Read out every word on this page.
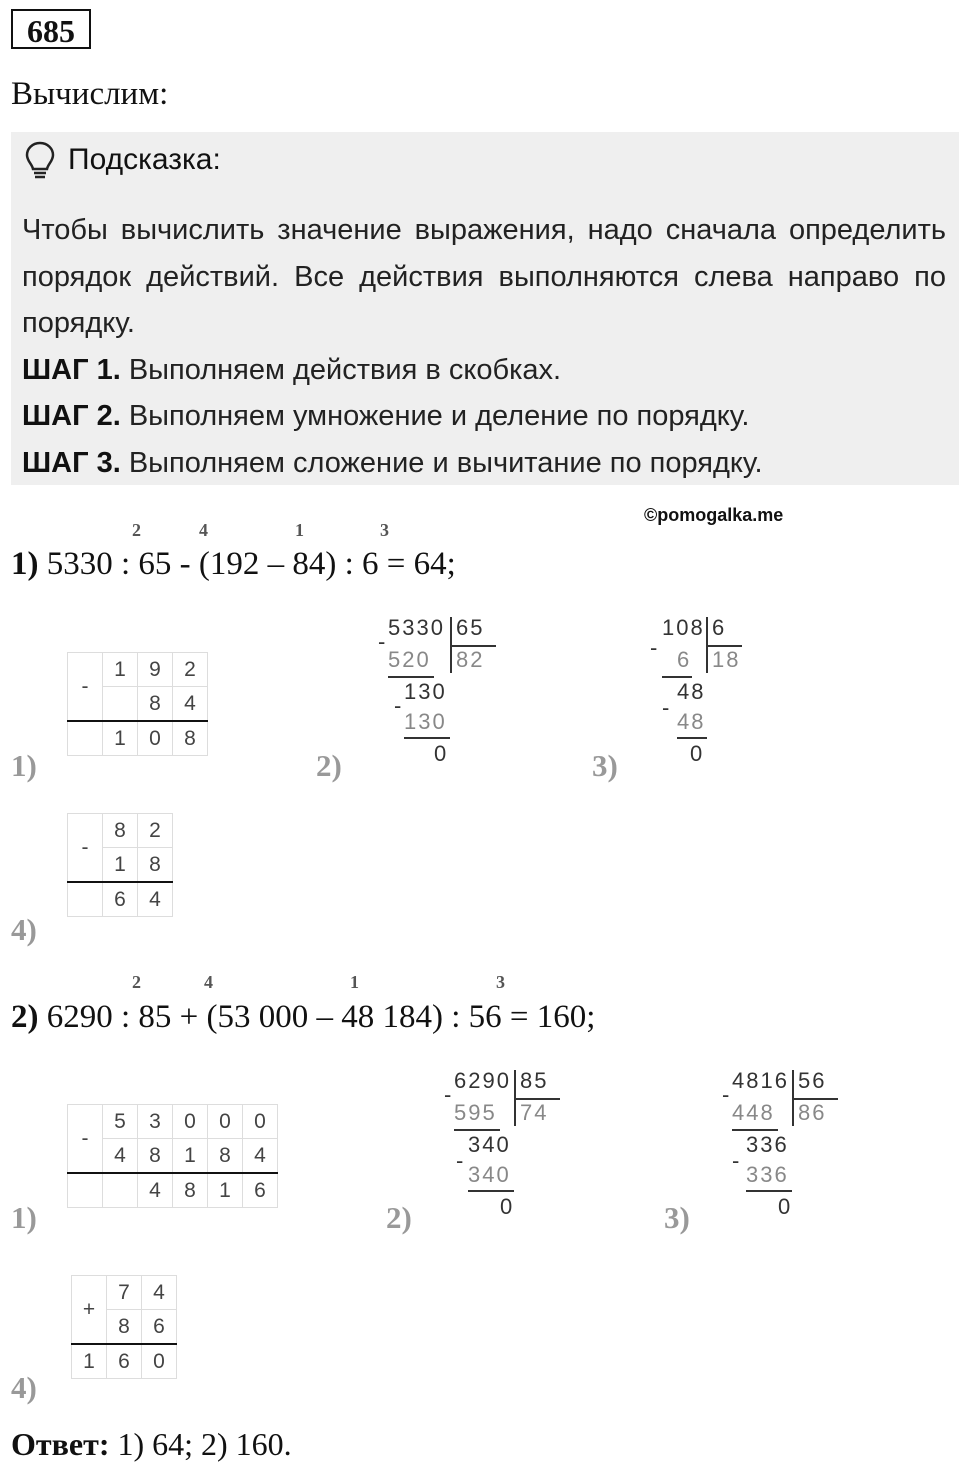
685
Вычислим:
Подсказка:
Чтобы вычислить значение выражения, надо сначала определить порядок действий. Все действия выполняются слева направо по порядку.
ШАГ 1. Выполняем действия в скобках.
ШАГ 2. Выполняем умножение и деление по порядку.
ШАГ 3. Выполняем сложение и вычитание по порядку.
©pomogalka.me
2	4	1	3
1) 5330 : 65 - (192 – 84) : 6 = 64;
-	1	9	2
		8	4
	1	0	8
1)
5330 65
82
-
520
130
-
130
0
2)
108 6
18
- 6
48
-
48
0
3)
-	8	2
	1	8
	6	4
4)
2	4	1	3
2) 6290 : 85 + (53 000 – 48 184) : 56 = 160;
-	5	3	0	0	0
	4	8	1	8	4
		4	8	1	6
1)
6290 85
74
-
595
340
-
340
0
2)
4816 56
86
-
448
336
-
336
0
3)
+	7	4
	8	6
1	6	0
4)
Ответ: 1) 64; 2) 160.
